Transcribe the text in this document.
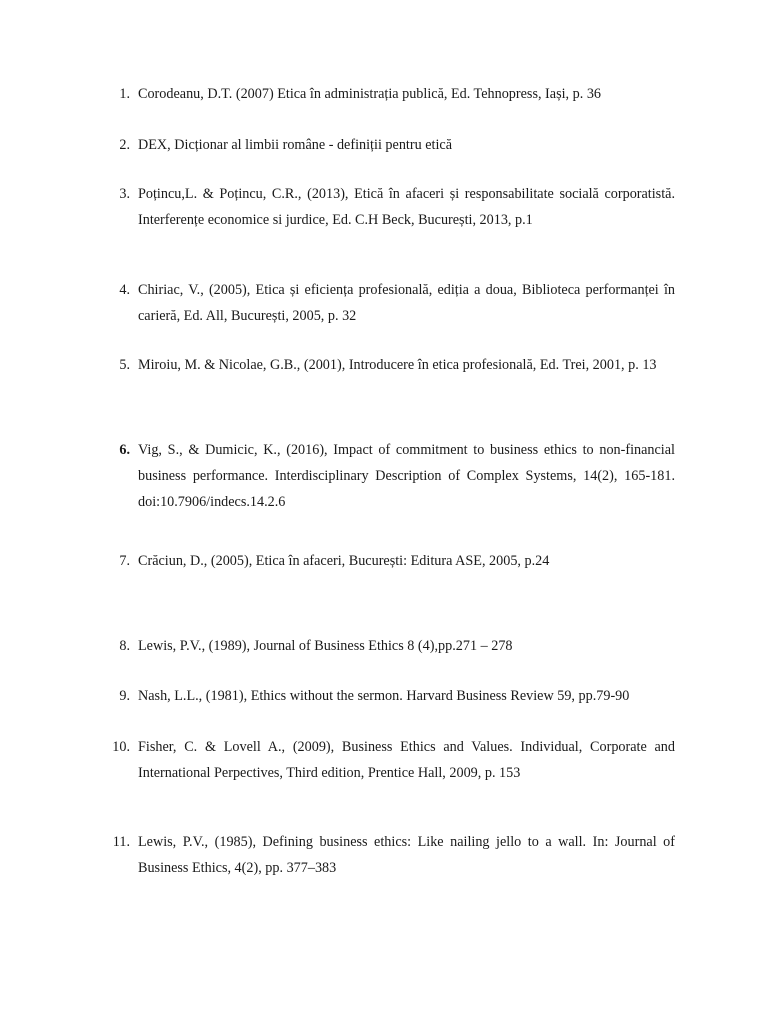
1. Corodeanu, D.T. (2007) Etica în administrația publică, Ed. Tehnopress, Iași, p. 36
2. DEX, Dicționar al limbii române - definiții pentru etică
3. Poțincu,L. & Poțincu, C.R., (2013), Etică în afaceri și responsabilitate socială corporatistă. Interferențe economice si jurdice, Ed. C.H Beck, București, 2013, p.1
4. Chiriac, V., (2005), Etica și eficiența profesională, ediția a doua, Biblioteca performanței în carieră, Ed. All, București, 2005, p. 32
5. Miroiu, M. & Nicolae, G.B., (2001), Introducere în etica profesională, Ed. Trei, 2001, p. 13
6. Vig, S., & Dumicic, K., (2016), Impact of commitment to business ethics to non-financial business performance. Interdisciplinary Description of Complex Systems, 14(2), 165-181. doi:10.7906/indecs.14.2.6
7. Crăciun, D., (2005), Etica în afaceri, București: Editura ASE, 2005, p.24
8. Lewis, P.V., (1989), Journal of Business Ethics 8 (4),pp.271 – 278
9. Nash, L.L., (1981), Ethics without the sermon. Harvard Business Review 59, pp.79-90
10. Fisher, C. & Lovell A., (2009), Business Ethics and Values. Individual, Corporate and International Perpectives, Third edition, Prentice Hall, 2009, p. 153
11. Lewis, P.V., (1985), Defining business ethics: Like nailing jello to a wall. In: Journal of Business Ethics, 4(2), pp. 377–383
